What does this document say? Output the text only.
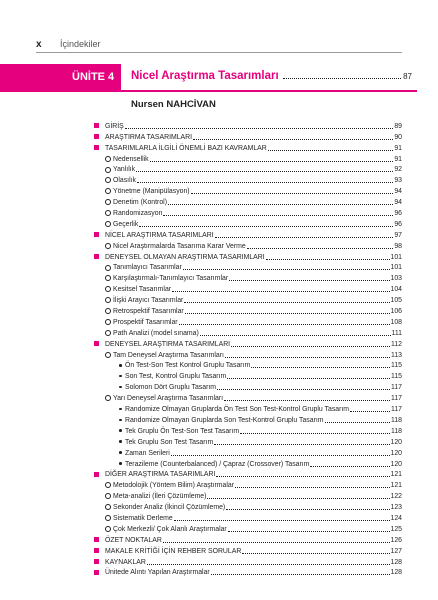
x İçindekiler
ÜNİTE 4 Nicel Araştırma Tasarımları	87
Nursen NAHCİVAN
GİRİŞ	89
ARAŞTIRMA TASARIMLARI	90
TASARIMLARLA İLGİLİ ÖNEMLİ BAZI KAVRAMLAR	91
Nedensellik	91
Yanlılık	92
Olasılık	93
Yönetme (Manipülasyon)	94
Denetim (Kontrol)	94
Randomizasyon	96
Geçerlik	96
NİCEL ARAŞTIRMA TASARIMLARI	97
Nicel Araştırmalarda Tasarıma Karar Verme	98
DENEYSEL OLMAYAN ARAŞTIRMA TASARIMLARI	101
Tanımlayıcı Tasarımlar	101
Karşılaştırmalı-Tanımlayıcı Tasarımlar	103
Kesitsel Tasarımlar	104
İlişki Arayıcı Tasarımlar	105
Retrospektif Tasarımlar	106
Prospektif Tasarımlar	108
Path Analizi (model sınama)	111
DENEYSEL ARAŞTIRMA TASARIMLARI	112
Tam Deneysel Araştırma Tasarımları	113
Ön Test-Son Test Kontrol Gruplu Tasarım	115
Son Test, Kontrol Gruplu Tasarım	115
Solomon Dört Gruplu Tasarım	117
Yarı Deneysel Araştırma Tasarımları	117
Randomize Olmayan Gruplarda Ön Test Son Test-Kontrol Gruplu Tasarım	117
Randomize Olmayan Gruplarda Son Test-Kontrol Gruplu Tasarım	118
Tek Gruplu Ön Test-Son Test Tasarım	118
Tek Gruplu Son Test Tasarım	120
Zaman Serileri	120
Terazileme (Counterbalanced) / Çapraz (Crossover) Tasarım	120
DİĞER ARAŞTIRMA TASARIMLARI	121
Metodolojik (Yöntem Bilim) Araştırmalar	121
Meta-analizi (İleri Çözümleme)	122
Sekonder Analiz (İkincil Çözümleme)	123
Sistematik Derleme	124
Çok Merkezli/ Çok Alanlı Araştırmalar	125
ÖZET NOKTALAR	126
MAKALE KRİTİĞİ İÇİN REHBER SORULAR	127
KAYNAKLAR	128
Ünitede Alıntı Yapılan Araştırmalar	128
